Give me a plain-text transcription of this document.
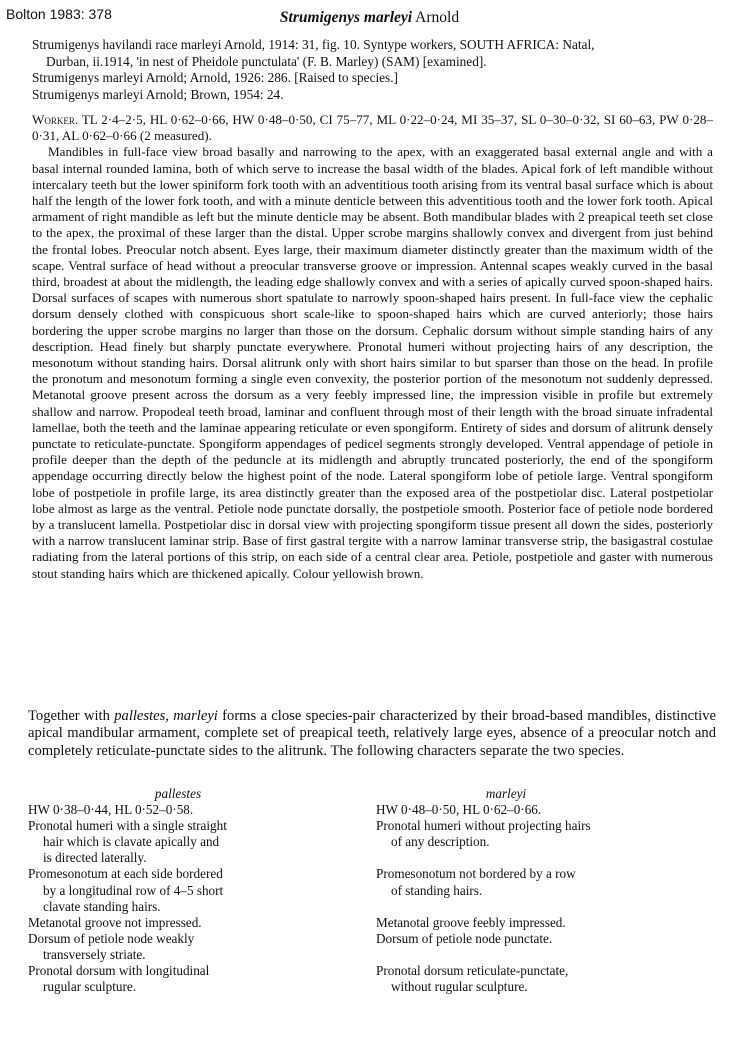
Bolton 1983: 378	Strumigenys marleyi Arnold
Strumigenys havilandi race marleyi Arnold, 1914: 31, fig. 10. Syntype workers, SOUTH AFRICA: Natal,
Durban, ii.1914, 'in nest of Pheidole punctulata' (F. B. Marley) (SAM) [examined].
Strumigenys marleyi Arnold; Arnold, 1926: 286. [Raised to species.]
Strumigenys marleyi Arnold; Brown, 1954: 24.

Worker. TL 2·4–2·5, HL 0·62–0·66, HW 0·48–0·50, CI 75–77, ML 0·22–0·24, MI 35–37, SL 0–30–0·32, SI 60–63, PW 0·28–0·31, AL 0·62–0·66 (2 measured).

Mandibles in full-face view broad basally and narrowing to the apex, with an exaggerated basal external angle and with a basal internal rounded lamina, both of which serve to increase the basal width of the blades. Apical fork of left mandible without intercalary teeth but the lower spiniform fork tooth with an adventitious tooth arising from its ventral basal surface which is about half the length of the lower fork tooth, and with a minute denticle between this adventitious tooth and the lower fork tooth. Apical armament of right mandible as left but the minute denticle may be absent. Both mandibular blades with 2 preapical teeth set close to the apex, the proximal of these larger than the distal. Upper scrobe margins shallowly convex and divergent from just behind the frontal lobes. Preocular notch absent. Eyes large, their maximum diameter distinctly greater than the maximum width of the scape. Ventral surface of head without a preocular transverse groove or impression. Antennal scapes weakly curved in the basal third, broadest at about the midlength, the leading edge shallowly convex and with a series of apically curved spoon-shaped hairs. Dorsal surfaces of scapes with numerous short spatulate to narrowly spoon-shaped hairs present. In full-face view the cephalic dorsum densely clothed with conspicuous short scale-like to spoon-shaped hairs which are curved anteriorly; those hairs bordering the upper scrobe margins no larger than those on the dorsum. Cephalic dorsum without simple standing hairs of any description. Head finely but sharply punctate everywhere. Pronotal humeri without projecting hairs of any description, the mesonotum without standing hairs. Dorsal alitrunk only with short hairs similar to but sparser than those on the head. In profile the pronotum and mesonotum forming a single even convexity, the posterior portion of the mesonotum not suddenly depressed. Metanotal groove present across the dorsum as a very feebly impressed line, the impression visible in profile but extremely shallow and narrow. Propodeal teeth broad, laminar and confluent through most of their length with the broad sinuate infradental lamellae, both the teeth and the laminae appearing reticulate or even spongiform. Entirety of sides and dorsum of alitrunk densely punctate to reticulate-punctate. Spongiform appendages of pedicel segments strongly developed. Ventral appendage of petiole in profile deeper than the depth of the peduncle at its midlength and abruptly truncated posteriorly, the end of the spongiform appendage occurring directly below the highest point of the node. Lateral spongiform lobe of petiole large. Ventral spongiform lobe of postpetiole in profile large, its area distinctly greater than the exposed area of the postpetiolar disc. Lateral postpetiolar lobe almost as large as the ventral. Petiole node punctate dorsally, the postpetiole smooth. Posterior face of petiole node bordered by a translucent lamella. Postpetiolar disc in dorsal view with projecting spongiform tissue present all down the sides, posteriorly with a narrow translucent laminar strip. Base of first gastral tergite with a narrow laminar transverse strip, the basigastral costulae radiating from the lateral portions of this strip, on each side of a central clear area. Petiole, postpetiole and gaster with numerous stout standing hairs which are thickened apically. Colour yellowish brown.

Together with pallestes, marleyi forms a close species-pair characterized by their broad-based mandibles, distinctive apical mandibular armament, complete set of preapical teeth, relatively large eyes, absence of a preocular notch and completely reticulate-punctate sides to the alitrunk. The following characters separate the two species.

pallestes
HW 0·38–0·44, HL 0·52–0·58.
Pronotal humeri with a single straight
hair which is clavate apically and
is directed laterally.
Promesonotum at each side bordered
by a longitudinal row of 4–5 short
clavate standing hairs.
Metanotal groove not impressed.
Dorsum of petiole node weakly
transversely striate.
Pronotal dorsum with longitudinal
rugular sculpture.
marleyi
HW 0·48–0·50, HL 0·62–0·66.
Pronotal humeri without projecting hairs
of any description.
Promesonotum not bordered by a row
of standing hairs.
Metanotal groove feebly impressed.
Dorsum of petiole node punctate.
Pronotal dorsum reticulate-punctate,
without rugular sculpture.
